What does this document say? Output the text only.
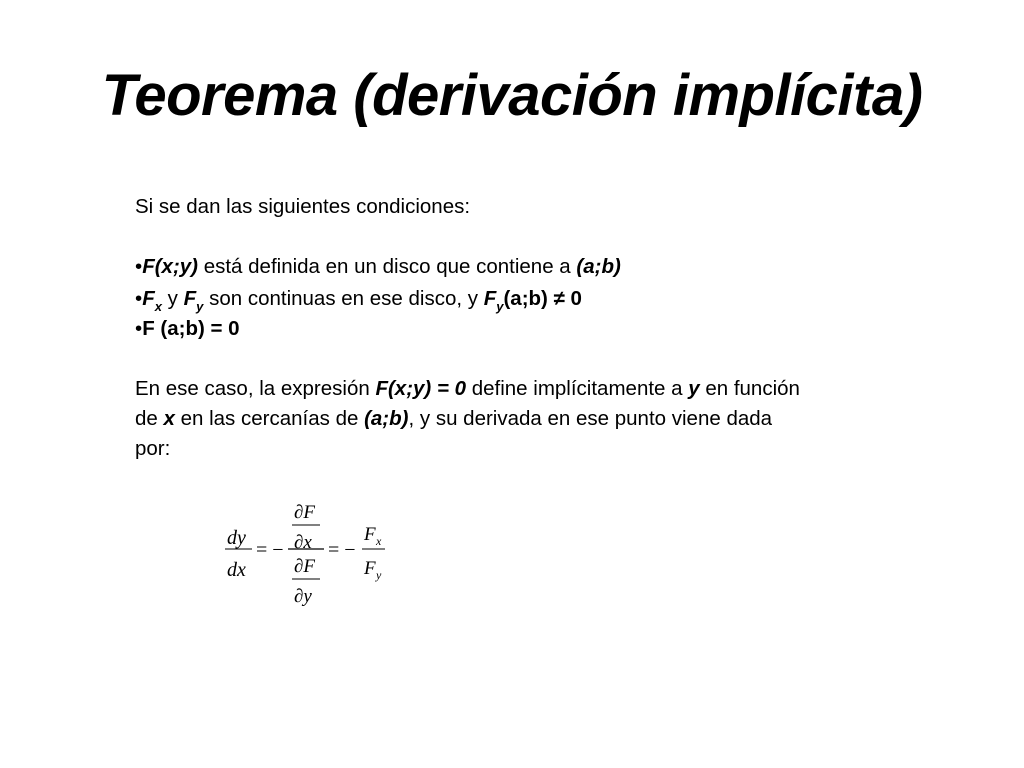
Teorema (derivación implícita)
Si se dan las siguientes condiciones:
•F(x;y) está definida en un disco que contiene a (a;b)
$•F_x$ y $F_y$ son continuas en ese disco, y $F_y(a;b) \ne 0$
•F (a;b) = 0
En ese caso, la expresión F(x;y) = 0 define implícitamente a y en función
de x en las cercanías de (a;b), y su derivada en ese punto viene dada
por:
dy
dx
= −
∂F
∂x
∂F
∂y
= −
F x
F y
